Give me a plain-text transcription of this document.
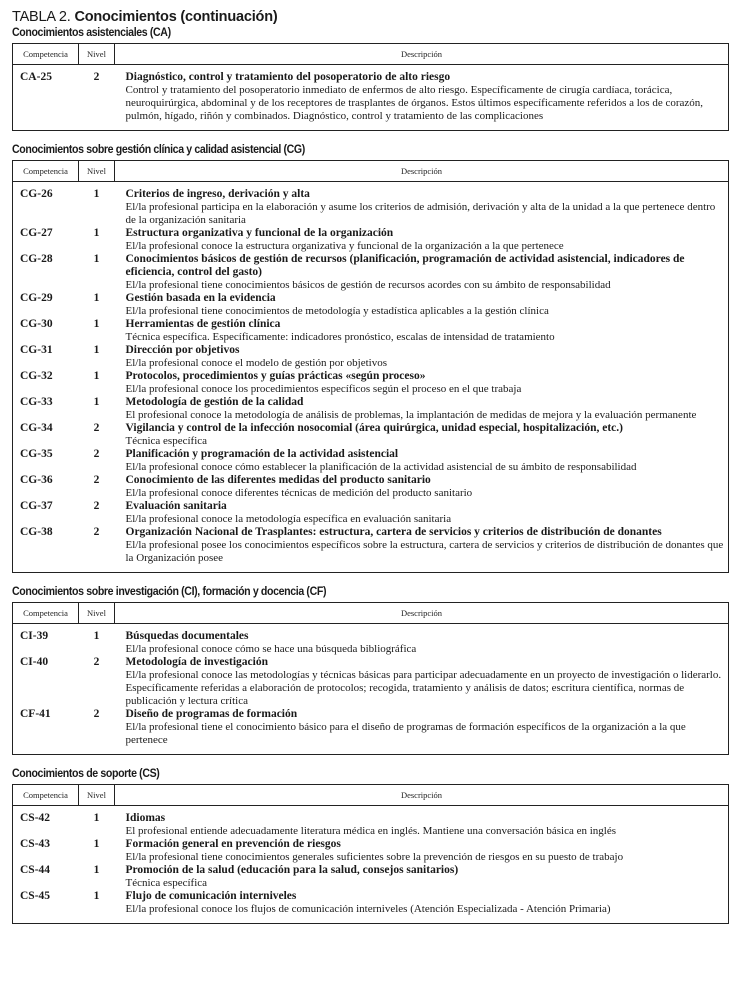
TABLA 2. Conocimientos (continuación)
Conocimientos asistenciales (CA)
Competencia	Nivel	Descripción
CA-25	2	Diagnóstico, control y tratamiento del posoperatorio de alto riesgo
Control y tratamiento del posoperatorio inmediato de enfermos de alto riesgo. Específicamente de cirugía cardíaca, torácica, neuroquirúrgica, abdominal y de los receptores de trasplantes de órganos. Estos últimos específicamente referidos a los de corazón, pulmón, hígado, riñón y combinados. Diagnóstico, control y tratamiento de las complicaciones
Conocimientos sobre gestión clínica y calidad asistencial (CG)
Competencia	Nivel	Descripción
CG-26	1	Criterios de ingreso, derivación y alta
El/la profesional participa en la elaboración y asume los criterios de admisión, derivación y alta de la unidad a la que pertenece dentro de la organización sanitaria

CG-27	1	Estructura organizativa y funcional de la organización
El/la profesional conoce la estructura organizativa y funcional de la organización a la que pertenece

CG-28	1	Conocimientos básicos de gestión de recursos (planificación, programación de actividad asistencial, indicadores de eficiencia, control del gasto)
El/la profesional tiene conocimientos básicos de gestión de recursos acordes con su ámbito de responsabilidad

CG-29	1	Gestión basada en la evidencia
El/la profesional tiene conocimientos de metodología y estadística aplicables a la gestión clínica

CG-30	1	Herramientas de gestión clínica
Técnica específica. Específicamente: indicadores pronóstico, escalas de intensidad de tratamiento

CG-31	1	Dirección por objetivos
El/la profesional conoce el modelo de gestión por objetivos

CG-32	1	Protocolos, procedimientos y guías prácticas «según proceso»
El/la profesional conoce los procedimientos específicos según el proceso en el que trabaja

CG-33	1	Metodología de gestión de la calidad
El profesional conoce la metodología de análisis de problemas, la implantación de medidas de mejora y la evaluación permanente

CG-34	2	Vigilancia y control de la infección nosocomial (área quirúrgica, unidad especial, hospitalización, etc.)
Técnica específica

CG-35	2	Planificación y programación de la actividad asistencial
El/la profesional conoce cómo establecer la planificación de la actividad asistencial de su ámbito de responsabilidad

CG-36	2	Conocimiento de las diferentes medidas del producto sanitario
El/la profesional conoce diferentes técnicas de medición del producto sanitario

CG-37	2	Evaluación sanitaria
El/la profesional conoce la metodología específica en evaluación sanitaria

CG-38	2	Organización Nacional de Trasplantes: estructura, cartera de servicios y criterios de distribución de donantes
El/la profesional posee los conocimientos específicos sobre la estructura, cartera de servicios y criterios de distribución de donantes que la Organización posee
Conocimientos sobre investigación (CI), formación y docencia (CF)
Competencia	Nivel	Descripción
CI-39	1	Búsquedas documentales
El/la profesional conoce cómo se hace una búsqueda bibliográfica

CI-40	2	Metodología de investigación
El/la profesional conoce las metodologías y técnicas básicas para participar adecuadamente en un proyecto de investigación o liderarlo. Específicamente referidas a elaboración de protocolos; recogida, tratamiento y análisis de datos; escritura científica, normas de publicación y lectura crítica

CF-41	2	Diseño de programas de formación
El/la profesional tiene el conocimiento básico para el diseño de programas de formación específicos de la organización a la que pertenece
Conocimientos de soporte (CS)
Competencia	Nivel	Descripción
CS-42	1	Idiomas
El profesional entiende adecuadamente literatura médica en inglés. Mantiene una conversación básica en inglés

CS-43	1	Formación general en prevención de riesgos
El/la profesional tiene conocimientos generales suficientes sobre la prevención de riesgos en su puesto de trabajo

CS-44	1	Promoción de la salud (educación para la salud, consejos sanitarios)
Técnica específica

CS-45	1	Flujo de comunicación interniveles
El/la profesional conoce los flujos de comunicación interniveles (Atención Especializada - Atención Primaria)
